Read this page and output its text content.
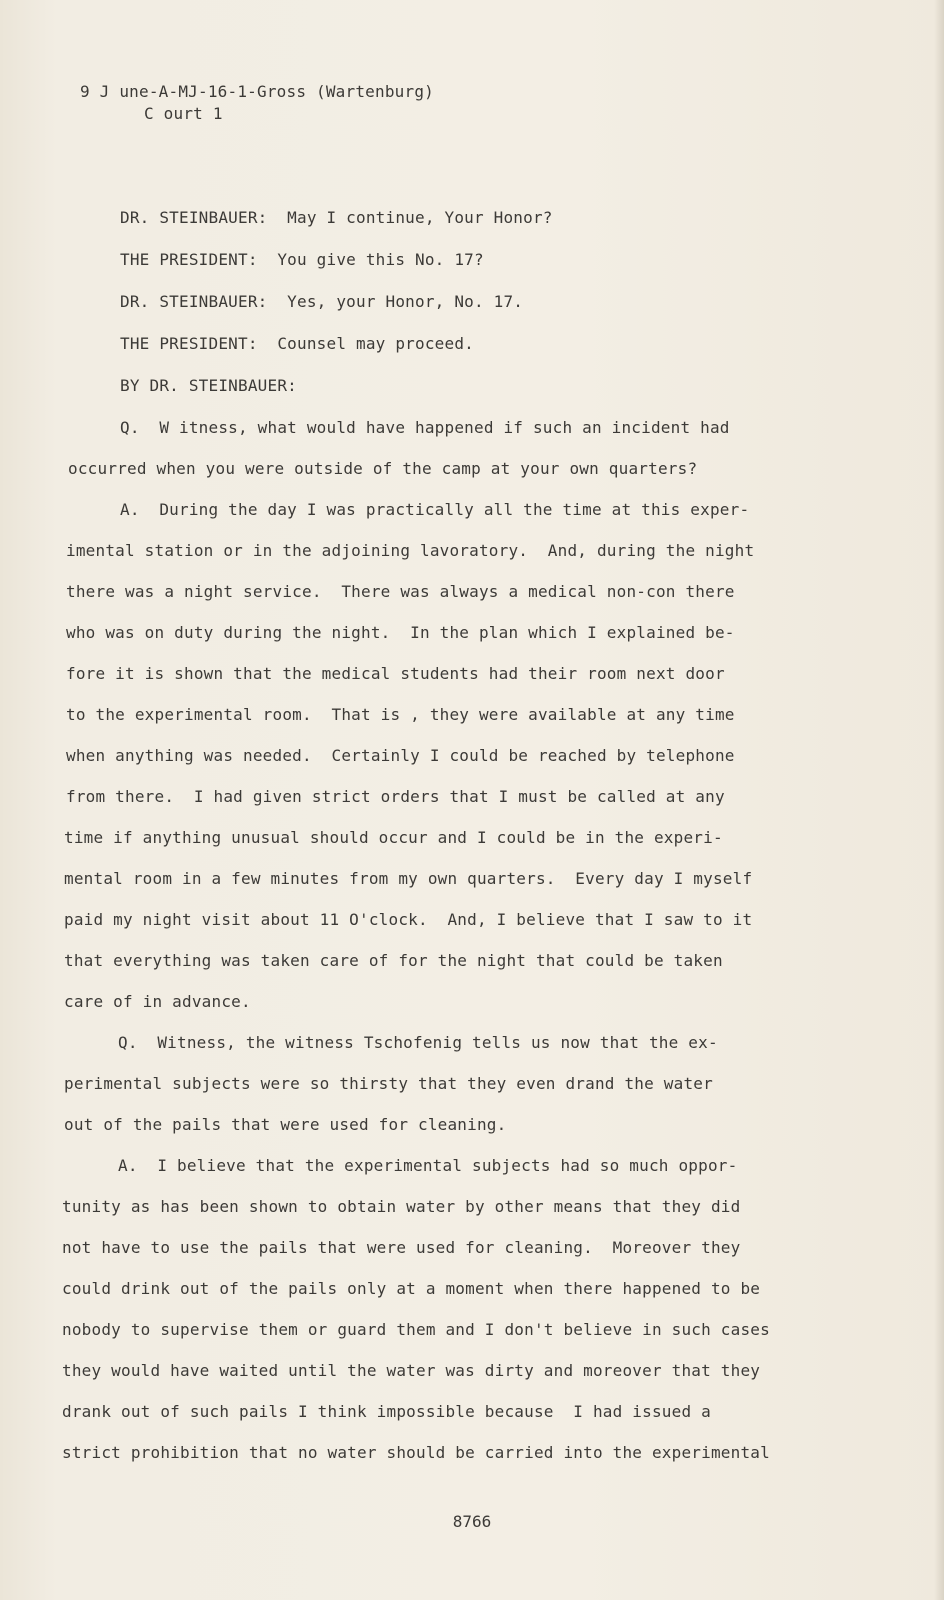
9 J une-A-MJ-16-1-Gross (Wartenburg)
C ourt 1
DR. STEINBAUER:  May I continue, Your Honor?
THE PRESIDENT:  You give this No. 17?
DR. STEINBAUER:  Yes, your Honor, No. 17.
THE PRESIDENT:  Counsel may proceed.
BY DR. STEINBAUER:
Q.  W itness, what would have happened if such an incident had
occurred when you were outside of the camp at your own quarters?
A.  During the day I was practically all the time at this exper-
imental station or in the adjoining lavoratory.  And, during the night
there was a night service.  There was always a medical non-con there
who was on duty during the night.  In the plan which I explained be-
fore it is shown that the medical students had their room next door
to the experimental room.  That is , they were available at any time
when anything was needed.  Certainly I could be reached by telephone
from there.  I had given strict orders that I must be called at any
time if anything unusual should occur and I could be in the experi-
mental room in a few minutes from my own quarters.  Every day I myself
paid my night visit about 11 O'clock.  And, I believe that I saw to it
that everything was taken care of for the night that could be taken
care of in advance.
Q.  Witness, the witness Tschofenig tells us now that the ex-
perimental subjects were so thirsty that they even drand the water
out of the pails that were used for cleaning.
A.  I believe that the experimental subjects had so much oppor-
tunity as has been shown to obtain water by other means that they did
not have to use the pails that were used for cleaning.  Moreover they
could drink out of the pails only at a moment when there happened to be
nobody to supervise them or guard them and I don't believe in such cases
they would have waited until the water was dirty and moreover that they
drank out of such pails I think impossible because  I had issued a
strict prohibition that no water should be carried into the experimental
8766
